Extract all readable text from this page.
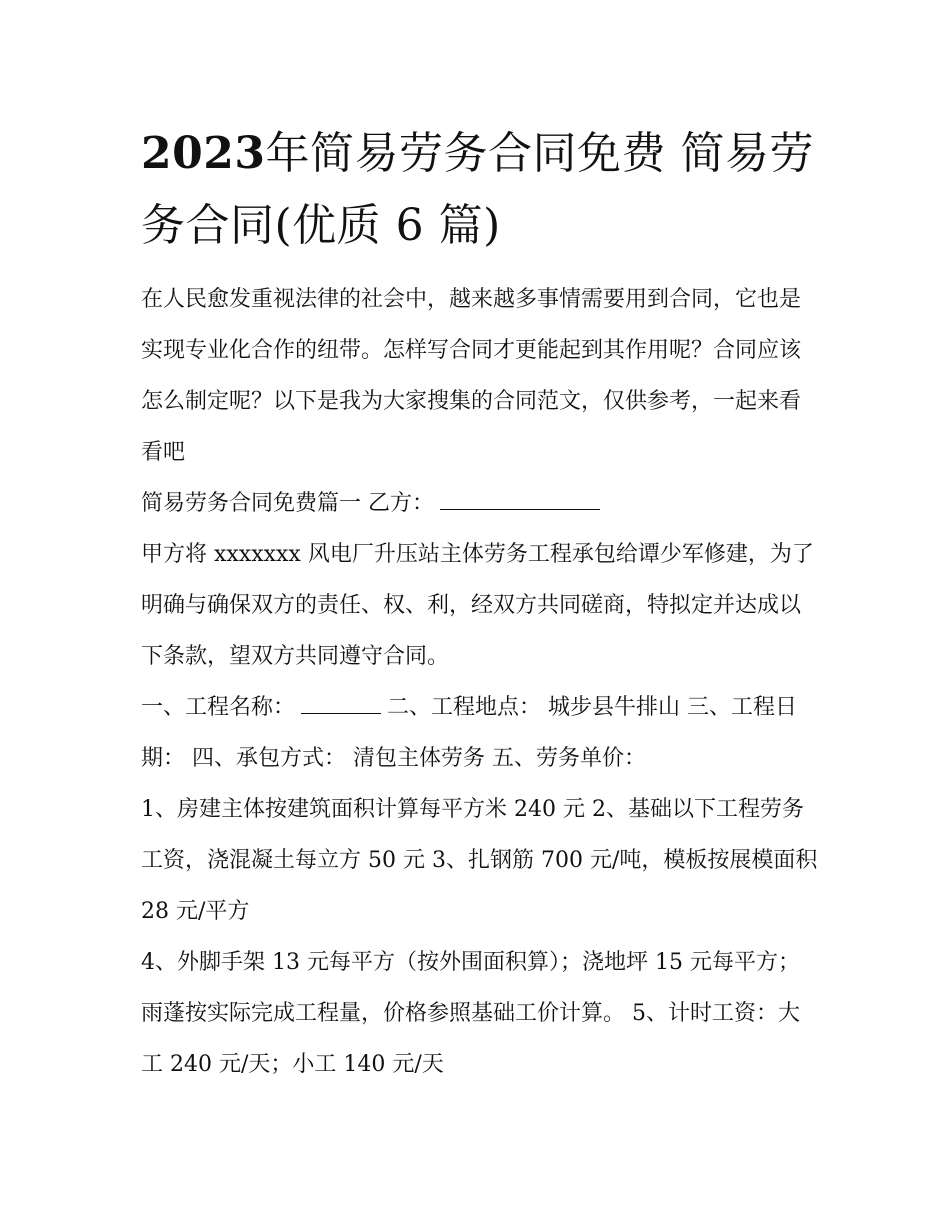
2023年简易劳务合同免费 简易劳务合同(优质 6 篇)

在人民愈发重视法律的社会中，越来越多事情需要用到合同，它也是实现专业化合作的纽带。怎样写合同才更能起到其作用呢？合同应该怎么制定呢？以下是我为大家搜集的合同范文，仅供参考，一起来看看吧

简易劳务合同免费篇一 乙方：

甲方将 xxxxxxx 风电厂升压站主体劳务工程承包给谭少军修建，为了明确与确保双方的责任、权、利，经双方共同磋商，特拟定并达成以下条款，望双方共同遵守合同。

一、工程名称：	二、工程地点： 城步县牛排山 三、工程日期： 四、承包方式： 清包主体劳务 五、劳务单价：

1、房建主体按建筑面积计算每平方米 240 元 2、基础以下工程劳务工资，浇混凝土每立方 50 元 3、扎钢筋 700 元/吨，模板按展模面积 28 元/平方

4、外脚手架 13 元每平方（按外围面积算）；浇地坪 15 元每平方；雨蓬按实际完成工程量，价格参照基础工价计算。 5、计时工资：大工 240 元/天；小工 140 元/天
